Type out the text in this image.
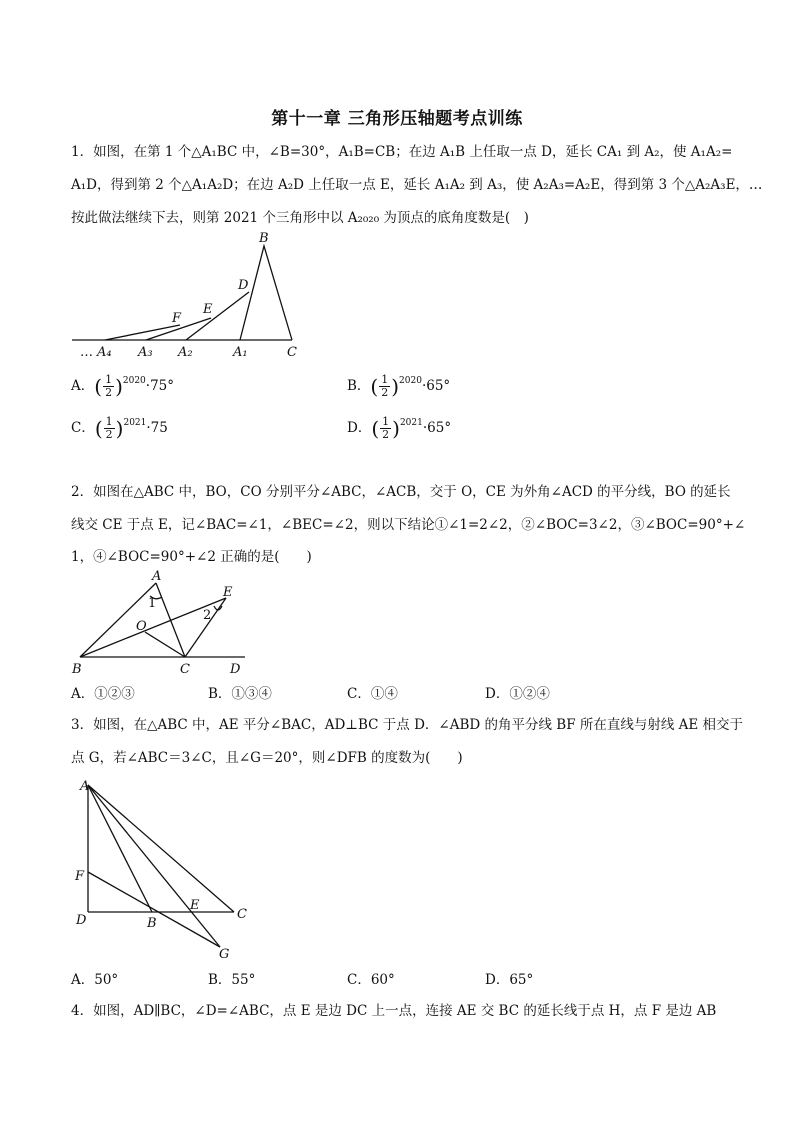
第十一章 三角形压轴题考点训练
1．如图，在第 1 个△A₁BC 中，∠B=30°，A₁B=CB；在边 A₁B 上任取一点 D，延长 CA₁ 到 A₂，使 A₁A₂=
A₁D，得到第 2 个△A₁A₂D；在边 A₂D 上任取一点 E，延长 A₁A₂ 到 A₃，使 A₂A₃=A₂E，得到第 3 个△A₂A₃E，…
按此做法继续下去，则第 2021 个三角形中以 A₂₀₂₀ 为顶点的底角度数是(　)
B
D
E
F
… A₄ A₃ A₂	A₁	C
A．( $\frac{1}{2} )^{2020}\cdot 75^\circ$	B．( $\frac{1}{2} )^{2020}\cdot 65^\circ$
C．( $\frac{1}{2} )^{2021}\cdot 75$	D．( $\frac{1}{2} )^{2021}\cdot 65^\circ$
2．如图在△ABC 中，BO，CO 分别平分∠ABC，∠ACB，交于 O，CE 为外角∠ACD 的平分线，BO 的延长
线交 CE 于点 E，记∠BAC=∠1，∠BEC=∠2，则以下结论①∠1=2∠2，②∠BOC=3∠2，③∠BOC=90°+∠
1，④∠BOC=90°+∠2 正确的是(　　)
A
E
1
2
O
B	C	D
A．①②③	B．①③④	C．①④	D．①②④
3．如图，在△ABC 中，AE 平分∠BAC，AD⊥BC 于点 D．∠ABD 的角平分线 BF 所在直线与射线 AE 相交于
点 G，若∠ABC＝3∠C，且∠G＝20°，则∠DFB 的度数为(　　)
A
F
D	B
E
C
G
A．50°	B．55°	C．60°	D．65°
4．如图，AD∥BC，∠D=∠ABC，点 E 是边 DC 上一点，连接 AE 交 BC 的延长线于点 H，点 F 是边 AB
